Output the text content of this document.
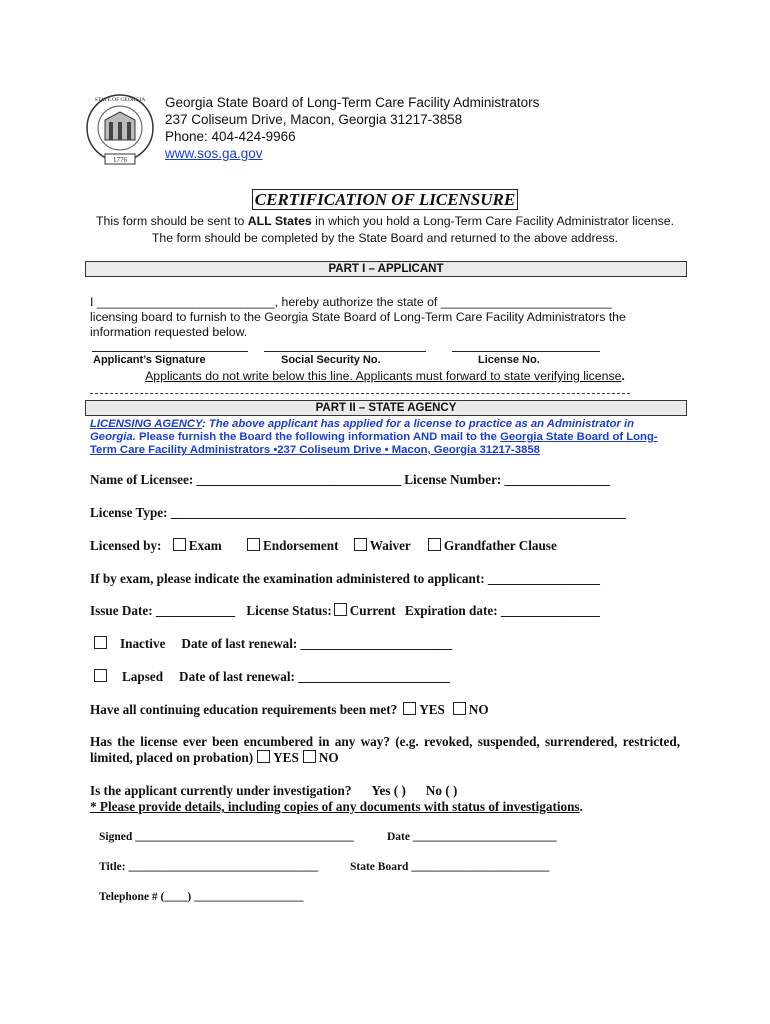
1776
STATE OF GEORGIA Georgia State Board of Long-Term Care Facility Administrators
237 Coliseum Drive, Macon, Georgia 31217-3858
Phone: 404-424-9966
www.sos.ga.gov
CERTIFICATION OF LICENSURE
This form should be sent to ALL States in which you hold a Long-Term Care Facility Administrator license. The form should be completed by the State Board and returned to the above address.
PART I – APPLICANT
I __________________________, hereby authorize the state of _________________________
licensing board to furnish to the Georgia State Board of Long-Term Care Facility Administrators the
information requested below.
Applicant’s Signature	Social Security No.	License No.
Applicants do not write below this line. Applicants must forward to state verifying license.
PART II – STATE AGENCY
LICENSING AGENCY: The above applicant has applied for a license to practice as an Administrator in Georgia. Please furnish the Board the following information AND mail to the Georgia State Board of Long-Term Care Facility Administrators •237 Coliseum Drive • Macon, Georgia 31217-3858
Name of Licensee: _______________________________ License Number: ________________
License Type: _____________________________________________________________________
Licensed by: Exam	Endorsement Waiver	Grandfather Clause
If by exam, please indicate the examination administered to applicant: _________________
Issue Date: ____________ License Status: Current Expiration date: _______________
Inactive Date of last renewal: _______________________
Lapsed Date of last renewal: _______________________
Have all continuing education requirements been met? YES NO
Has the license ever been encumbered in any way? (e.g. revoked, suspended, surrendered, restricted, limited, placed on probation) YES NO
Is the applicant currently under investigation? Yes ( ) No ( )
* Please provide details, including copies of any documents with status of investigations.
Signed ______________________________________	Date _________________________
Title: _________________________________	State Board ________________________
Telephone # (____) ___________________
